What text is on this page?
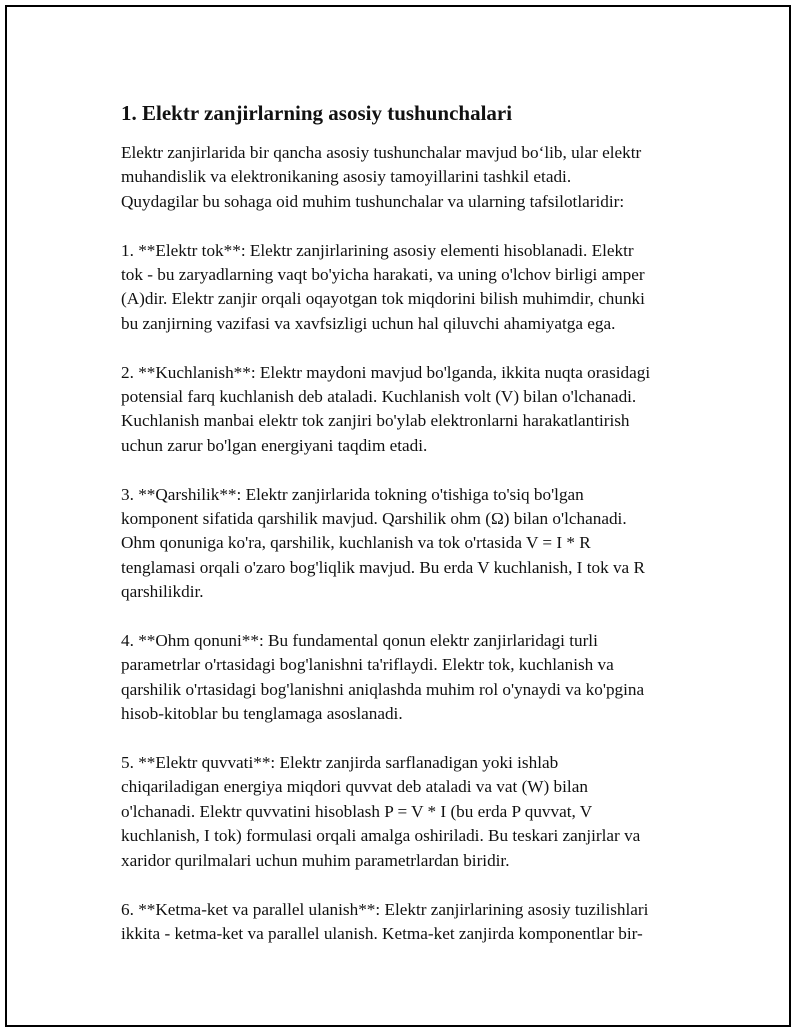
1. Elektr zanjirlarning asosiy tushunchalari
Elektr zanjirlarida bir qancha asosiy tushunchalar mavjud bo‘lib, ular elektr
muhandislik va elektronikaning asosiy tamoyillarini tashkil etadi.
Quydagilar bu sohaga oid muhim tushunchalar va ularning tafsilotlaridir:
1. **Elektr tok**: Elektr zanjirlarining asosiy elementi hisoblanadi. Elektr
tok - bu zaryadlarning vaqt bo'yicha harakati, va uning o'lchov birligi amper
(A)dir. Elektr zanjir orqali oqayotgan tok miqdorini bilish muhimdir, chunki
bu zanjirning vazifasi va xavfsizligi uchun hal qiluvchi ahamiyatga ega.
2. **Kuchlanish**: Elektr maydoni mavjud bo'lganda, ikkita nuqta orasidagi
potensial farq kuchlanish deb ataladi. Kuchlanish volt (V) bilan o'lchanadi.
Kuchlanish manbai elektr tok zanjiri bo'ylab elektronlarni harakatlantirish
uchun zarur bo'lgan energiyani taqdim etadi.
3. **Qarshilik**: Elektr zanjirlarida tokning o'tishiga to'siq bo'lgan
komponent sifatida qarshilik mavjud. Qarshilik ohm (Ω) bilan o'lchanadi.
Ohm qonuniga ko'ra, qarshilik, kuchlanish va tok o'rtasida V = I * R
tenglamasi orqali o'zaro bog'liqlik mavjud. Bu erda V kuchlanish, I tok va R
qarshilikdir.
4. **Ohm qonuni**: Bu fundamental qonun elektr zanjirlaridagi turli
parametrlar o'rtasidagi bog'lanishni ta'riflaydi. Elektr tok, kuchlanish va
qarshilik o'rtasidagi bog'lanishni aniqlashda muhim rol o'ynaydi va ko'pgina
hisob-kitoblar bu tenglamaga asoslanadi.
5. **Elektr quvvati**: Elektr zanjirda sarflanadigan yoki ishlab
chiqariladigan energiya miqdori quvvat deb ataladi va vat (W) bilan
o'lchanadi. Elektr quvvatini hisoblash P = V * I (bu erda P quvvat, V
kuchlanish, I tok) formulasi orqali amalga oshiriladi. Bu teskari zanjirlar va
xaridor qurilmalari uchun muhim parametrlardan biridir.
6. **Ketma-ket va parallel ulanish**: Elektr zanjirlarining asosiy tuzilishlari
ikkita - ketma-ket va parallel ulanish. Ketma-ket zanjirda komponentlar bir-
